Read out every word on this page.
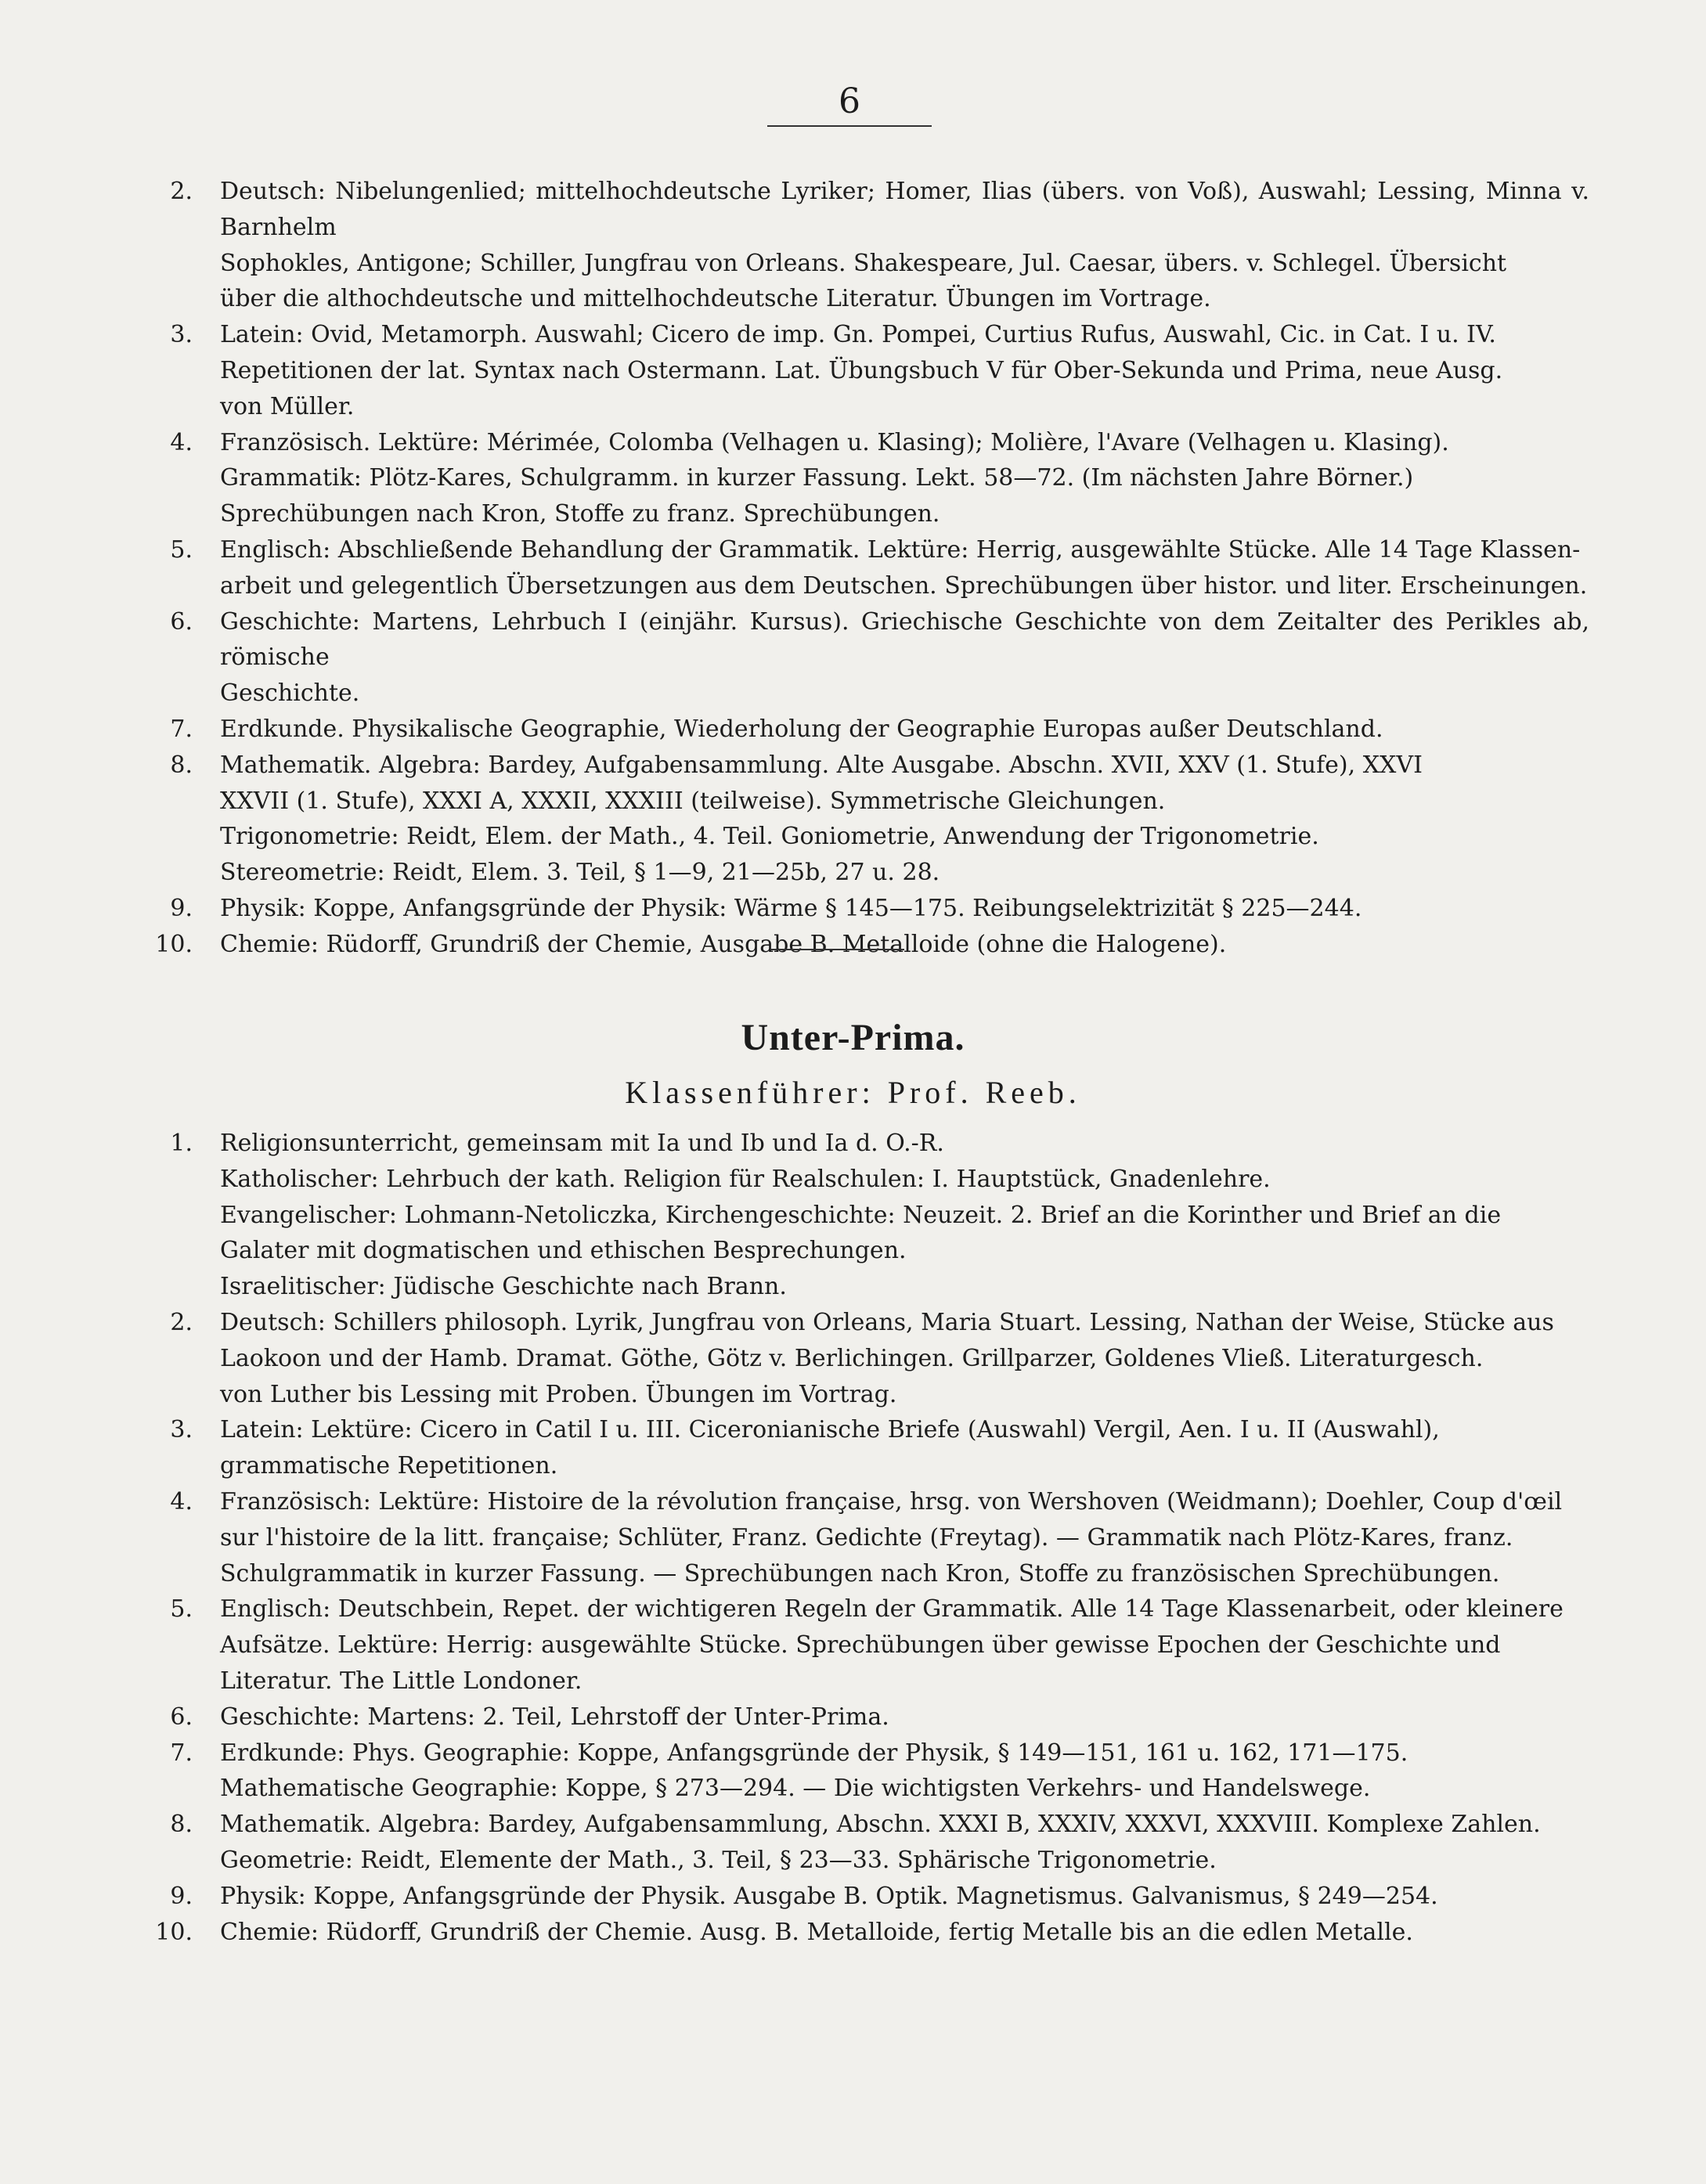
6
2. Deutsch: Nibelungenlied; mittelhochdeutsche Lyriker; Homer, Ilias (übers. von Voß), Auswahl; Lessing, Minna v. Barnhelm
Sophokles, Antigone; Schiller, Jungfrau von Orleans. Shakespeare, Jul. Caesar, übers. v. Schlegel. Übersicht
über die althochdeutsche und mittelhochdeutsche Literatur. Übungen im Vortrage.
3. Latein: Ovid, Metamorph. Auswahl; Cicero de imp. Gn. Pompei, Curtius Rufus, Auswahl, Cic. in Cat. I u. IV.
Repetitionen der lat. Syntax nach Ostermann. Lat. Übungsbuch V für Ober-Sekunda und Prima, neue Ausg.
von Müller.
4. Französisch. Lektüre: Mérimée, Colomba (Velhagen u. Klasing); Molière, l'Avare (Velhagen u. Klasing).
Grammatik: Plötz-Kares, Schulgramm. in kurzer Fassung. Lekt. 58—72. (Im nächsten Jahre Börner.)
Sprechübungen nach Kron, Stoffe zu franz. Sprechübungen.
5. Englisch: Abschließende Behandlung der Grammatik. Lektüre: Herrig, ausgewählte Stücke. Alle 14 Tage Klassen-
arbeit und gelegentlich Übersetzungen aus dem Deutschen. Sprechübungen über histor. und liter. Erscheinungen.
6. Geschichte: Martens, Lehrbuch I (einjähr. Kursus). Griechische Geschichte von dem Zeitalter des Perikles ab, römische
Geschichte.
7. Erdkunde. Physikalische Geographie, Wiederholung der Geographie Europas außer Deutschland.
8. Mathematik. Algebra: Bardey, Aufgabensammlung. Alte Ausgabe. Abschn. XVII, XXV (1. Stufe), XXVI
XXVII (1. Stufe), XXXI A, XXXII, XXXIII (teilweise). Symmetrische Gleichungen.
Trigonometrie: Reidt, Elem. der Math., 4. Teil. Goniometrie, Anwendung der Trigonometrie.
Stereometrie: Reidt, Elem. 3. Teil, § 1—9, 21—25b, 27 u. 28.
9. Physik: Koppe, Anfangsgründe der Physik: Wärme § 145—175. Reibungselektrizität § 225—244.
10. Chemie: Rüdorff, Grundriß der Chemie, Ausgabe B. Metalloide (ohne die Halogene).
Unter-Prima.
Klassenführer: Prof. Reeb.
1. Religionsunterricht, gemeinsam mit Ia und Ib und Ia d. O.-R.
Katholischer: Lehrbuch der kath. Religion für Realschulen: I. Hauptstück, Gnadenlehre.
Evangelischer: Lohmann-Netoliczka, Kirchengeschichte: Neuzeit. 2. Brief an die Korinther und Brief an die
Galater mit dogmatischen und ethischen Besprechungen.
Israelitischer: Jüdische Geschichte nach Brann.
2. Deutsch: Schillers philosoph. Lyrik, Jungfrau von Orleans, Maria Stuart. Lessing, Nathan der Weise, Stücke aus
Laokoon und der Hamb. Dramat. Göthe, Götz v. Berlichingen. Grillparzer, Goldenes Vließ. Literaturgesch.
von Luther bis Lessing mit Proben. Übungen im Vortrag.
3. Latein: Lektüre: Cicero in Catil I u. III. Ciceronianische Briefe (Auswahl) Vergil, Aen. I u. II (Auswahl),
grammatische Repetitionen.
4. Französisch: Lektüre: Histoire de la révolution française, hrsg. von Wershoven (Weidmann); Doehler, Coup d'œil
sur l'histoire de la litt. française; Schlüter, Franz. Gedichte (Freytag). — Grammatik nach Plötz-Kares, franz.
Schulgrammatik in kurzer Fassung. — Sprechübungen nach Kron, Stoffe zu französischen Sprechübungen.
5. Englisch: Deutschbein, Repet. der wichtigeren Regeln der Grammatik. Alle 14 Tage Klassenarbeit, oder kleinere
Aufsätze. Lektüre: Herrig: ausgewählte Stücke. Sprechübungen über gewisse Epochen der Geschichte und
Literatur. The Little Londoner.
6. Geschichte: Martens: 2. Teil, Lehrstoff der Unter-Prima.
7. Erdkunde: Phys. Geographie: Koppe, Anfangsgründe der Physik, § 149—151, 161 u. 162, 171—175.
Mathematische Geographie: Koppe, § 273—294. — Die wichtigsten Verkehrs- und Handelswege.
8. Mathematik. Algebra: Bardey, Aufgabensammlung, Abschn. XXXI B, XXXIV, XXXVI, XXXVIII. Komplexe Zahlen.
Geometrie: Reidt, Elemente der Math., 3. Teil, § 23—33. Sphärische Trigonometrie.
9. Physik: Koppe, Anfangsgründe der Physik. Ausgabe B. Optik. Magnetismus. Galvanismus, § 249—254.
10. Chemie: Rüdorff, Grundriß der Chemie. Ausg. B. Metalloide, fertig Metalle bis an die edlen Metalle.
